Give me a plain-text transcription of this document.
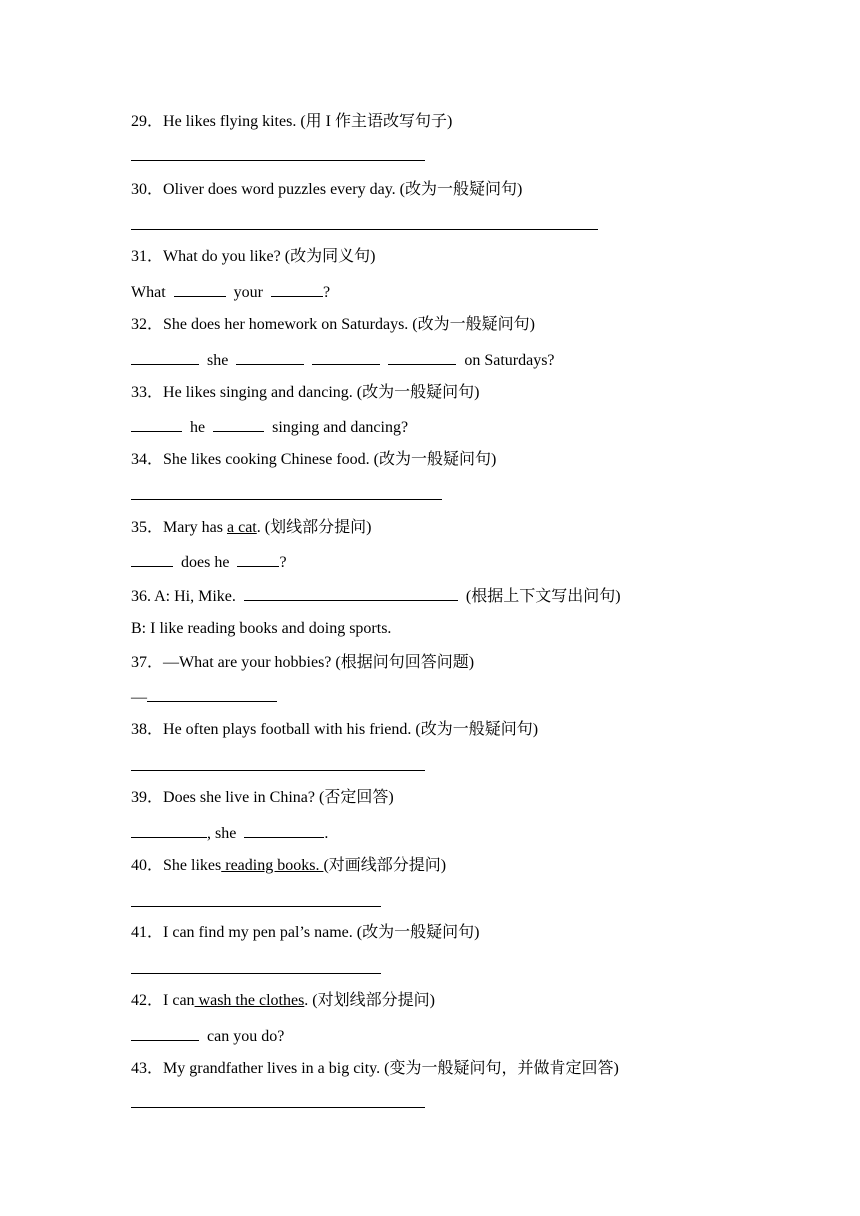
29．He likes flying kites. (用 I 作主语改写句子)
30．Oliver does word puzzles every day. (改为一般疑问句)
31．What do you like? (改为同义句)
What	your	?
32．She does her homework on Saturdays. (改为一般疑问句)
she	on Saturdays?
33．He likes singing and dancing. (改为一般疑问句)
he	singing and dancing?
34．She likes cooking Chinese food. (改为一般疑问句)
35．Mary has a cat. (划线部分提问)
does he	?
36. A: Hi, Mike.	(根据上下文写出问句)
B: I like reading books and doing sports.
37．—What are your hobbies? (根据问句回答问题)
—
38．He often plays football with his friend. (改为一般疑问句)
39．Does she live in China? (否定回答)
, she	.
40．She likes reading books. (对画线部分提问)
41．I can find my pen pal’s name. (改为一般疑问句)
42．I can wash the clothes. (对划线部分提问)
can you do?
43．My grandfather lives in a big city. (变为一般疑问句，并做肯定回答)
